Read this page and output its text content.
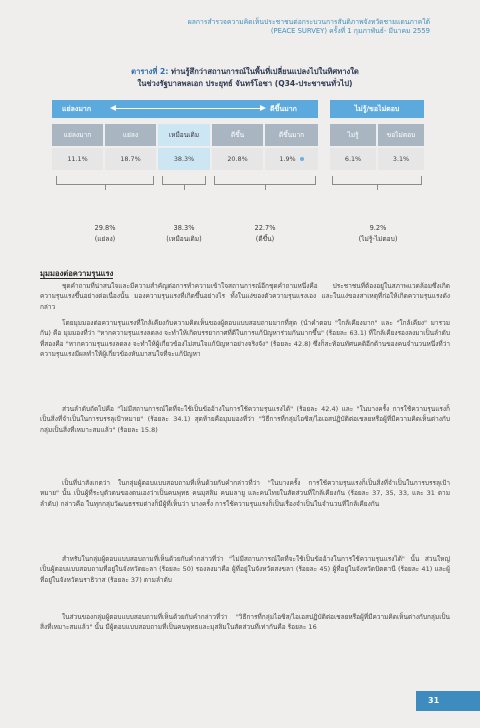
ผลการสำรวจความคิดเห็นประชาชนต่อกระบวนการสันติภาพจังหวัดชายแดนภาคใต้
(PEACE SURVEY) ครั้งที่ 1 กุมภาพันธ์- มีนาคม 2559
ตารางที่ 2: ท่านรู้สึกว่าสถานการณ์ในพื้นที่เปลี่ยนแปลงไปในทิศทางใด
ในช่วงรัฐบาลพลเอก ประยุทธ์ จันทร์โอชา (Q34-ประชาชนทั่วไป)
แย่ลงมาก	ดีขึ้นมาก	ไม่รู้/ขอไม่ตอบ
แย่ลงมาก	แย่ลง	เหมือนเดิม	ดีขึ้น	ดีขึ้นมาก	ไม่รู้	ขอไม่ตอบ
11.1%	18.7%	38.3%	20.8%	1.9%	6.1%	3.1%
29.8%
(แย่ลง)
38.3%
(เหมือนเดิม)
22.7%
(ดีขึ้น)
9.2%
(ไม่รู้-ไม่ตอบ)
มุมมองต่อความรุนแรง

ชุดคำถามที่น่าสนใจและมีความสำคัญต่อการทำความเข้าใจสถานการณ์อีกชุดคำถามหนึ่งคือ ประชาชนที่ต้องอยู่ในสภาพแวดล้อมซึ่งเกิดความรุนแรงขึ้นอย่างต่อเนื่องนั้น มองความรุนแรงที่เกิดขึ้นอย่างไร ทั้งในแง่ของตัวความรุนแรงเอง และในแง่ของสาเหตุที่ก่อให้เกิดความรุนแรงดังกล่าว

โดยมุมมองต่อความรุนแรงที่ใกล้เคียงกับความคิดเห็นของผู้ตอบแบบสอบถามมากที่สุด (นำคำตอบ "ใกล้เคียงมาก" และ "ใกล้เคียง" มารวมกัน) คือ มุมมองที่ว่า "หากความรุนแรงลดลง จะทำให้เกิดบรรยากาศที่ดีในการแก้ปัญหาร่วมกันมากขึ้น" (ร้อยละ 63.1) ที่ใกล้เคียงรองลงมาเป็นลำดับที่สองคือ "หากความรุนแรงลดลง จะทำให้ผู้เกี่ยวข้องไม่สนใจแก้ปัญหาอย่างจริงจัง" (ร้อยละ 42.8) ซึ่งก็สะท้อนทัศนคติอีกด้านของคนจำนวนหนึ่งที่ว่า ความรุนแรงมีผลทำให้ผู้เกี่ยวข้องหันมาสนใจที่จะแก้ปัญหา

ส่วนลำดับถัดไปคือ "ไม่มีสถานการณ์ใดที่จะใช้เป็นข้ออ้างในการใช้ความรุนแรงได้" (ร้อยละ 42.4) และ "ในบางครั้ง การใช้ความรุนแรงก็เป็นสิ่งที่จำเป็นในการบรรลุเป้าหมาย" (ร้อยละ 34.1) สุดท้ายคือมุมมองที่ว่า "วิธีการที่กลุ่มไอซิส/ไอเอสปฏิบัติต่อเชลยหรือผู้ที่มีความคิดเห็นต่างกับกลุ่มเป็นสิ่งที่เหมาะสมแล้ว" (ร้อยละ 15.8)

เป็นที่น่าสังเกตว่า ในกลุ่มผู้ตอบแบบสอบถามที่เห็นด้วยกับคำกล่าวที่ว่า "ในบางครั้ง การใช้ความรุนแรงก็เป็นสิ่งที่จำเป็นในการบรรลุเป้าหมาย" นั้น เป็นผู้ที่ระบุตัวตนของตนเองว่าเป็นคนพุทธ คนมุสลิม คนมลายู และคนไทยในสัดส่วนที่ใกล้เคียงกัน (ร้อยละ 37, 35, 33, และ 31 ตามลำดับ) กล่าวคือ ในทุกกลุ่มวัฒนธรรมต่างก็มีผู้ที่เห็นว่า บางครั้ง การใช้ความรุนแรงก็เป็นเรื่องจำเป็นในจำนวนที่ใกล้เคียงกัน

สำหรับในกลุ่มผู้ตอบแบบสอบถามที่เห็นด้วยกับคำกล่าวที่ว่า "ไม่มีสถานการณ์ใดที่จะใช้เป็นข้ออ้างในการใช้ความรุนแรงได้" นั้น ส่วนใหญ่เป็นผู้ตอบแบบสอบถามที่อยู่ในจังหวัดยะลา (ร้อยละ 50) รองลงมาคือ ผู้ที่อยู่ในจังหวัดสงขลา (ร้อยละ 45) ผู้ที่อยู่ในจังหวัดปัตตานี (ร้อยละ 41) และผู้ที่อยู่ในจังหวัดนราธิวาส (ร้อยละ 37) ตามลำดับ

ในส่วนของกลุ่มผู้ตอบแบบสอบถามที่เห็นด้วยกับคำกล่าวที่ว่า "วิธีการที่กลุ่มไอซิส/ไอเอสปฏิบัติต่อเชลยหรือผู้ที่มีความคิดเห็นต่างกับกลุ่มเป็นสิ่งที่เหมาะสมแล้ว" นั้น มีผู้ตอบแบบสอบถามที่เป็นคนพุทธและมุสลิมในสัดส่วนที่เท่ากันคือ ร้อยละ 16

31
